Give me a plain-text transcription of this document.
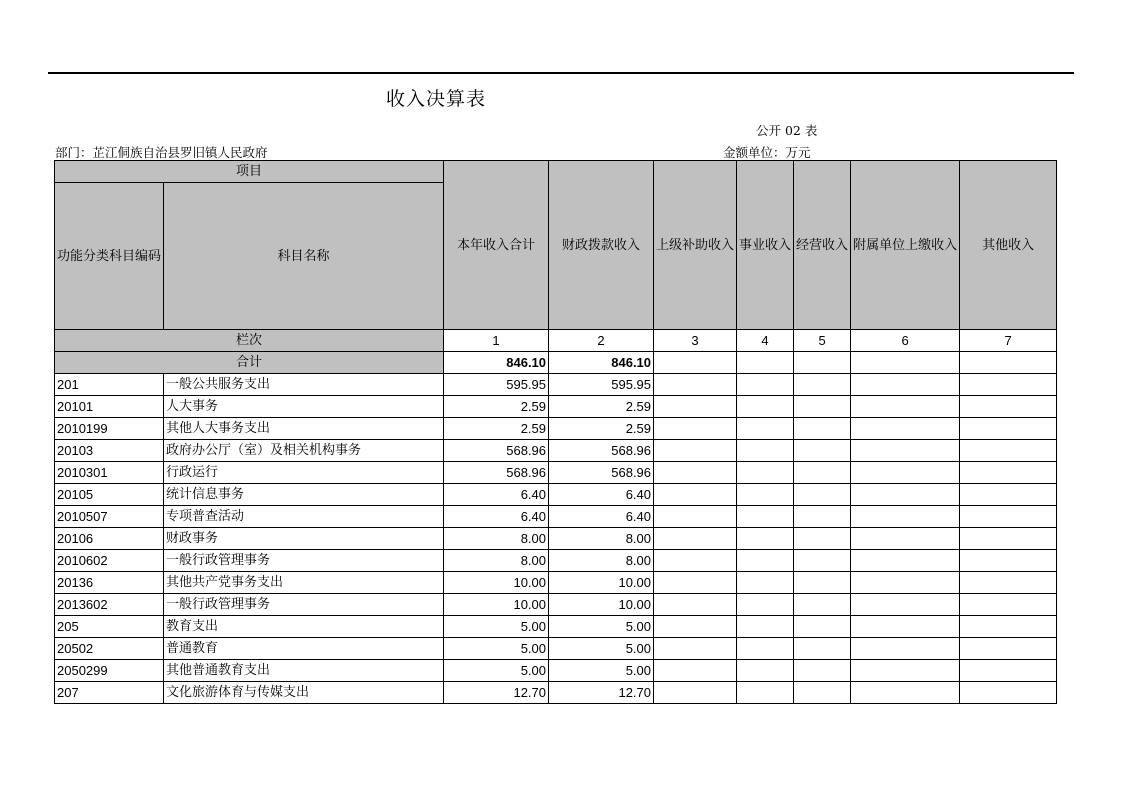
收入决算表
公开 02 表
部门：芷江侗族自治县罗旧镇人民政府	金额单位：万元
项目		本年收入合计	财政拨款收入	上级补助收入	事业收入	经营收入	附属单位上缴收入	其他收入
功能分类科目编码	科目名称							
栏次		1	2	3	4	5	6	7
合计		846.10	846.10					
201	一般公共服务支出	595.95	595.95					
20101	人大事务	2.59	2.59					
2010199	其他人大事务支出	2.59	2.59					
20103	政府办公厅（室）及相关机构事务	568.96	568.96					
2010301	行政运行	568.96	568.96					
20105	统计信息事务	6.40	6.40					
2010507	专项普查活动	6.40	6.40					
20106	财政事务	8.00	8.00					
2010602	一般行政管理事务	8.00	8.00					
20136	其他共产党事务支出	10.00	10.00					
2013602	一般行政管理事务	10.00	10.00					
205	教育支出	5.00	5.00					
20502	普通教育	5.00	5.00					
2050299	其他普通教育支出	5.00	5.00					
207	文化旅游体育与传媒支出	12.70	12.70					
